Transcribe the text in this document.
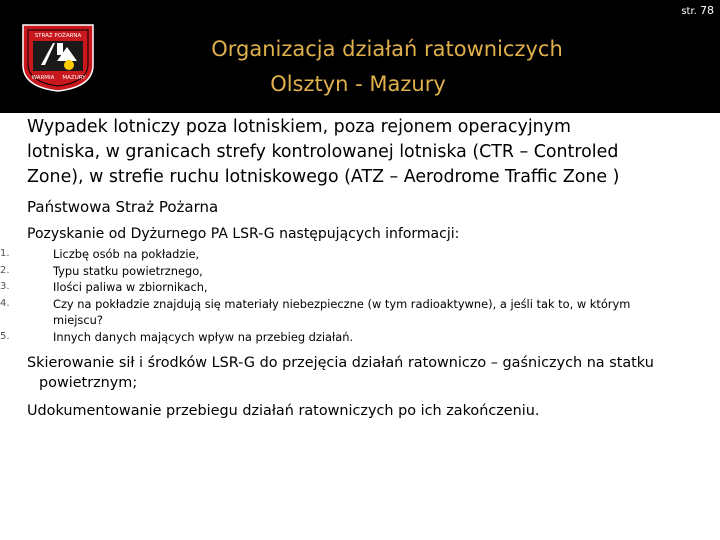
str. 78
STRAŻ POŻARNA
WARMIA MAZURY
Organizacja działań ratowniczych
Olsztyn - Mazury

Wypadek lotniczy poza lotniskiem, poza rejonem operacyjnym
lotniska, w granicach strefy kontrolowanej lotniska (CTR – Controled
Zone), w strefie ruchu lotniskowego (ATZ – Aerodrome Traffic Zone )

Państwowa Straż Pożarna
Pozyskanie od Dyżurnego PA LSR-G następujących informacji:
1.	Liczbę osób na pokładzie,
2.	Typu statku powietrznego,
3.	Ilości paliwa w zbiornikach,
4.	Czy na pokładzie znajdują się materiały niebezpieczne (w tym radioaktywne), a jeśli tak to, w którym
miejscu?
5.	Innych danych mających wpływ na przebieg działań.
Skierowanie sił i środków LSR-G do przejęcia działań ratowniczo – gaśniczych na statku
powietrznym;
Udokumentowanie przebiegu działań ratowniczych po ich zakończeniu.
